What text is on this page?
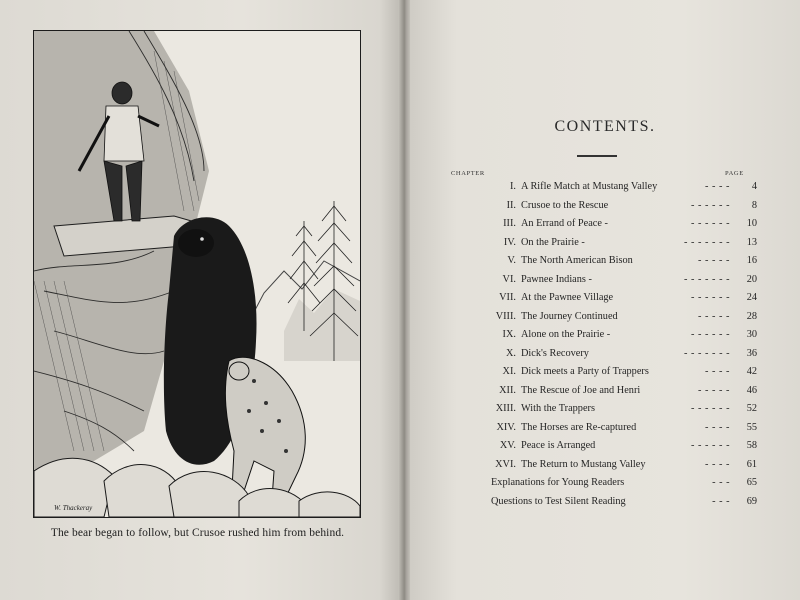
W. Thackeray
The bear began to follow, but Crusoe rushed him from behind.
CONTENTS.
CHAPTER	PAGE
I. A Rifle Match at Mustang Valley	- - - -	4
II. Crusoe to the Rescue	- - - - - -	8
III. An Errand of Peace -	- - - - - -	10
IV. On the Prairie -	- - - - - - -	13
V. The North American Bison	- - - - -	16
VI. Pawnee Indians -	- - - - - - -	20
VII. At the Pawnee Village	- - - - - -	24
VIII. The Journey Continued	- - - - -	28
IX. Alone on the Prairie -	- - - - - -	30
X. Dick's Recovery	- - - - - - -	36
XI. Dick meets a Party of Trappers	- - - -	42
XII. The Rescue of Joe and Henri	- - - - -	46
XIII. With the Trappers	- - - - - -	52
XIV. The Horses are Re-captured	- - - -	55
XV. Peace is Arranged	- - - - - -	58
XVI. The Return to Mustang Valley	- - - -	61
Explanations for Young Readers	- - -	65
Questions to Test Silent Reading	- - -	69
